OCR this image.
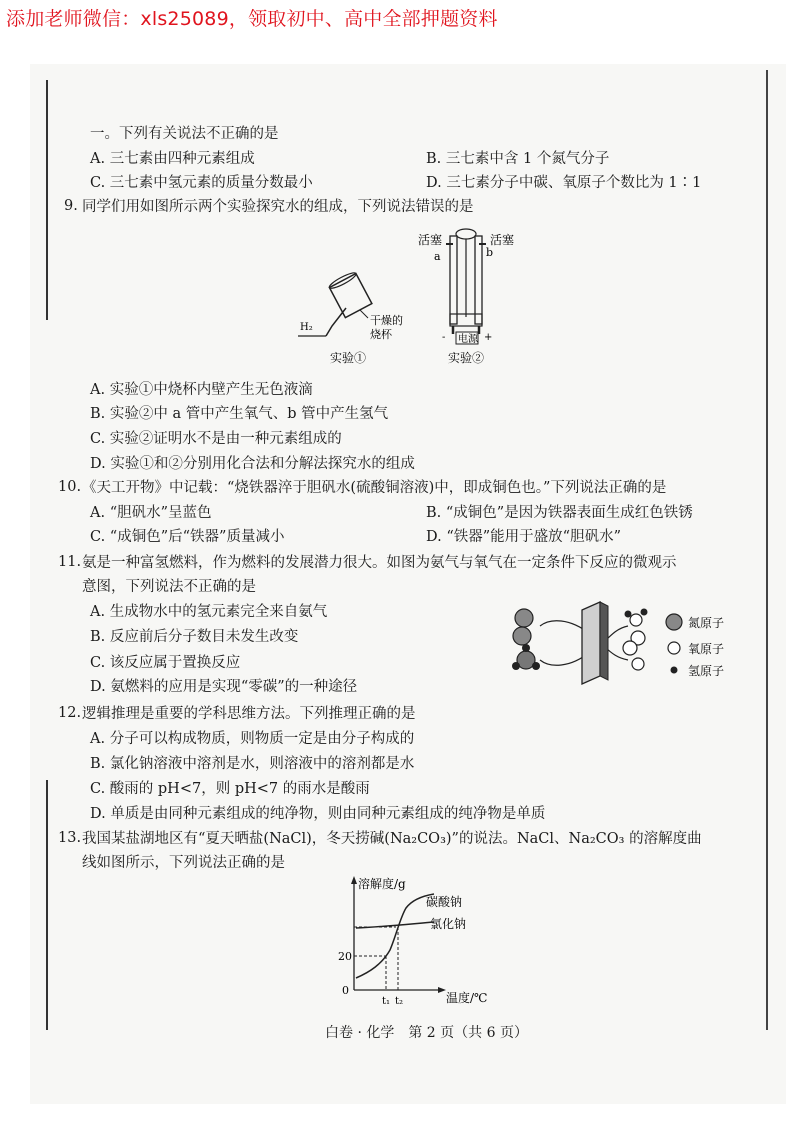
添加老师微信：xls25089，领取初中、高中全部押题资料
一。下列有关说法不正确的是
A. 三七素由四种元素组成	B. 三七素中含 1 个氮气分子
C. 三七素中氢元素的质量分数最小	D. 三七素分子中碳、氧原子个数比为 1∶1
9. 同学们用如图所示两个实验探究水的组成，下列说法错误的是
H₂
干燥的
烧杯
实验①
活塞	活塞
a	b
-	+
电源
实验②
A. 实验①中烧杯内壁产生无色液滴
B. 实验②中 a 管中产生氧气、b 管中产生氢气
C. 实验②证明水不是由一种元素组成的
D. 实验①和②分别用化合法和分解法探究水的组成
10. 《天工开物》中记载：“烧铁器淬于胆矾水(硫酸铜溶液)中，即成铜色也。”下列说法正确的是
A. “胆矾水”呈蓝色	B. “成铜色”是因为铁器表面生成红色铁锈
C. “成铜色”后“铁器”质量减小	D. “铁器”能用于盛放“胆矾水”
11. 氨是一种富氢燃料，作为燃料的发展潜力很大。如图为氨气与氧气在一定条件下反应的微观示
意图，下列说法不正确的是
A. 生成物水中的氢元素完全来自氨气
B. 反应前后分子数目未发生改变
C. 该反应属于置换反应
D. 氨燃料的应用是实现“零碳”的一种途径
氮原子
氧原子
氢原子
12. 逻辑推理是重要的学科思维方法。下列推理正确的是
A. 分子可以构成物质，则物质一定是由分子构成的
B. 氯化钠溶液中溶剂是水，则溶液中的溶剂都是水
C. 酸雨的 pH<7，则 pH<7 的雨水是酸雨
D. 单质是由同种元素组成的纯净物，则由同种元素组成的纯净物是单质
13. 我国某盐湖地区有“夏天晒盐(NaCl)，冬天捞碱(Na₂CO₃)”的说法。NaCl、Na₂CO₃ 的溶解度曲
线如图所示，下列说法正确的是
溶解度/g
温度/℃
20
0
t₁ t₂
碳酸钠
氯化钠
白卷 · 化学　第 2 页（共 6 页）
